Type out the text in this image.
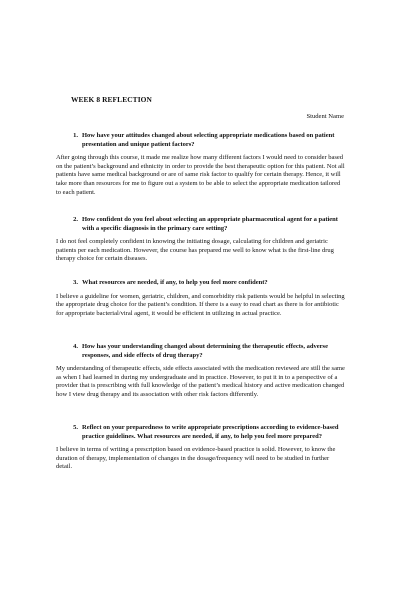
WEEK 8 REFLECTION
Student Name
1. How have your attitudes changed about selecting appropriate medications based on patient presentation and unique patient factors?
After going through this course, it made me realize how many different factors I would need to consider based on the patient’s background and ethnicity in order to provide the best therapeutic option for this patient. Not all patients have same medical background or are of same risk factor to qualify for certain therapy. Hence, it will take more than resources for me to figure out a system to be able to select the appropriate medication tailored to each patient.
2. How confident do you feel about selecting an appropriate pharmaceutical agent for a patient with a specific diagnosis in the primary care setting?
I do not feel completely confident in knowing the initiating dosage, calculating for children and geriatric patients per each medication. However, the course has prepared me well to know what is the first-line drug therapy choice for certain diseases.
3. What resources are needed, if any, to help you feel more confident?
I believe a guideline for women, geriatric, children, and comorbidity risk patients would be helpful in selecting the appropriate drug choice for the patient’s condition. If there is a easy to read chart as there is for antibiotic for appropriate bacterial/viral agent, it would be efficient in utilizing in actual practice.
4. How has your understanding changed about determining the therapeutic effects, adverse responses, and side effects of drug therapy?
My understanding of therapeutic effects, side effects associated with the medication reviewed are still the same as when I had learned in during my undergraduate and in practice. However, to put it in to a perspective of a provider that is prescribing with full knowledge of the patient’s medical history and active medication changed how I view drug therapy and its association with other risk factors differently.
5. Reflect on your preparedness to write appropriate prescriptions according to evidence-based practice guidelines. What resources are needed, if any, to help you feel more prepared?
I believe in terms of writing a prescription based on evidence-based practice is solid. However, to know the duration of therapy, implementation of changes in the dosage/frequency will need to be studied in further detail.
